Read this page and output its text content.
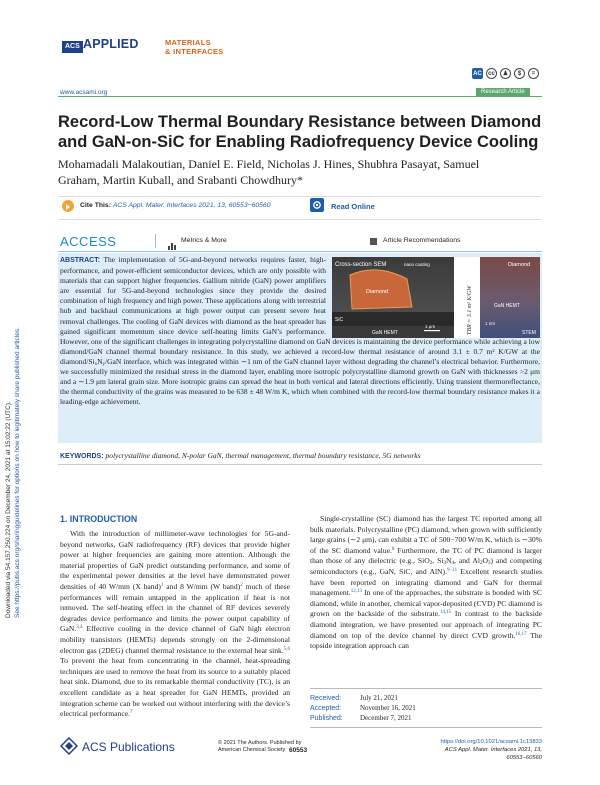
Downloaded via 54.157.250.224 on December 24, 2021 at 15:02:22 (UTC). See https://pubs.acs.org/sharingguidelines for options on how to legitimately share published articles.
ACS APPLIED	MATERIALS
& INTERFACES
AC	cc	♟	$	=
www.acsami.org	Research Article
Record-Low Thermal Boundary Resistance between Diamond and GaN-on-SiC for Enabling Radiofrequency Device Cooling
Mohamadali Malakoutian, Daniel E. Field, Nicholas J. Hines, Shubhra Pasayat, Samuel Graham, Martin Kuball, and Srabanti Chowdhury*
Cite This: ACS Appl. Mater. Interfaces 2021, 13, 60553−60560	Read Online
ACCESS	Metrics & More	Article Recommendations
Cross-section SEM	nano coating
Diamond
SiC
GaN HEMT
1 μm	TBR = 3.1 m² K/GW
Diamond
GaN HEMT
1 nm
STEM
ABSTRACT: The implementation of 5G-and-beyond networks requires faster, high-performance, and power-efficient semiconductor devices, which are only possible with materials that can support higher frequencies. Gallium nitride (GaN) power amplifiers are essential for 5G-and-beyond technologies since they provide the desired combination of high frequency and high power. These applications along with terrestrial hub and backhaul communications at high power output can present severe heat removal challenges. The cooling of GaN devices with diamond as the heat spreader has gained significant momentum since device self-heating limits GaN’s performance. However, one of the significant challenges in integrating polycrystalline diamond on GaN devices is maintaining the device performance while achieving a low diamond/GaN channel thermal boundary resistance. In this study, we achieved a record-low thermal resistance of around 3.1 ± 0.7 m² K/GW at the diamond/$Si_xN_y$/GaN interface, which was integrated within ∼1 nm of the GaN channel layer without degrading the channel’s electrical behavior. Furthermore, we successfully minimized the residual stress in the diamond layer, enabling more isotropic polycrystalline diamond growth on GaN with thicknesses >2 μm and a ∼1.9 μm lateral grain size. More isotropic grains can spread the heat in both vertical and lateral directions efficiently. Using transient thermoreflectance, the thermal conductivity of the grains was measured to be 638 ± 48 W/m K, which when combined with the record-low thermal boundary resistance makes it a leading-edge achievement.
KEYWORDS: polycrystalline diamond, N-polar GaN, thermal management, thermal boundary resistance, 5G networks
1. INTRODUCTION

With the introduction of millimeter-wave technologies for 5G-and-beyond networks, GaN radiofrequency (RF) devices that provide higher power at higher frequencies are gaining more attention. Although the material properties of GaN predict outstanding performance, and some of the experimental power densities at the level have demonstrated power densities of 40 W/mm (X band)$^1$ and 8 W/mm (W band)$^2$ much of these performances will remain untapped in the application if heat is not removed. The self-heating effect in the channel of RF devices severely degrades device performance and limits the power output capability of GaN.$^{3,4}$ Effective cooling in the device channel of GaN high electron mobility transistors (HEMTs) depends strongly on the 2-dimensional electron gas (2DEG) channel thermal resistance to the external heat sink.$^{5,6}$ To prevent the heat from concentrating in the channel, heat-spreading techniques are used to remove the heat from its source to a suitably placed heat sink. Diamond, due to its remarkable thermal conductivity (TC), is an excellent candidate as a heat spreader for GaN HEMTs, provided an integration scheme can be worked out without interfering with the device’s electrical performance.$^7$

Single-crystalline (SC) diamond has the largest TC reported among all bulk materials. Polycrystalline (PC) diamond, when grown with sufficiently large grains (∼2 μm), can exhibit a TC of 500−700 W/m K, which is ∼30% of the SC diamond value.$^8$ Furthermore, the TC of PC diamond is larger than those of any dielectric (e.g., SiO$_2$, $Si_3N_4$, and $Al_2O_3$) and competing semiconductors (e.g., GaN, SiC, and AlN).$^{9-11}$ Excellent research studies have been reported on integrating diamond and GaN for thermal management.$^{12,13}$ In one of the approaches, the substrate is bonded with SC diamond, while in another, chemical vapor-deposited (CVD) PC diamond is grown on the backside of the substrate.$^{14,15}$ In contrast to the backside diamond integration, we have presented our approach of integrating PC diamond on top of the device channel by direct CVD growth.$^{16,17}$ The topside integration approach can

Received:	July 21, 2021
Accepted:	November 16, 2021
Published: December 7, 2021
ACS Publications	© 2021 The Authors. Published by
American Chemical Society 60553
https://doi.org/10.1021/acsami.1c13833
ACS Appl. Mater. Interfaces 2021, 13, 60553−60560
